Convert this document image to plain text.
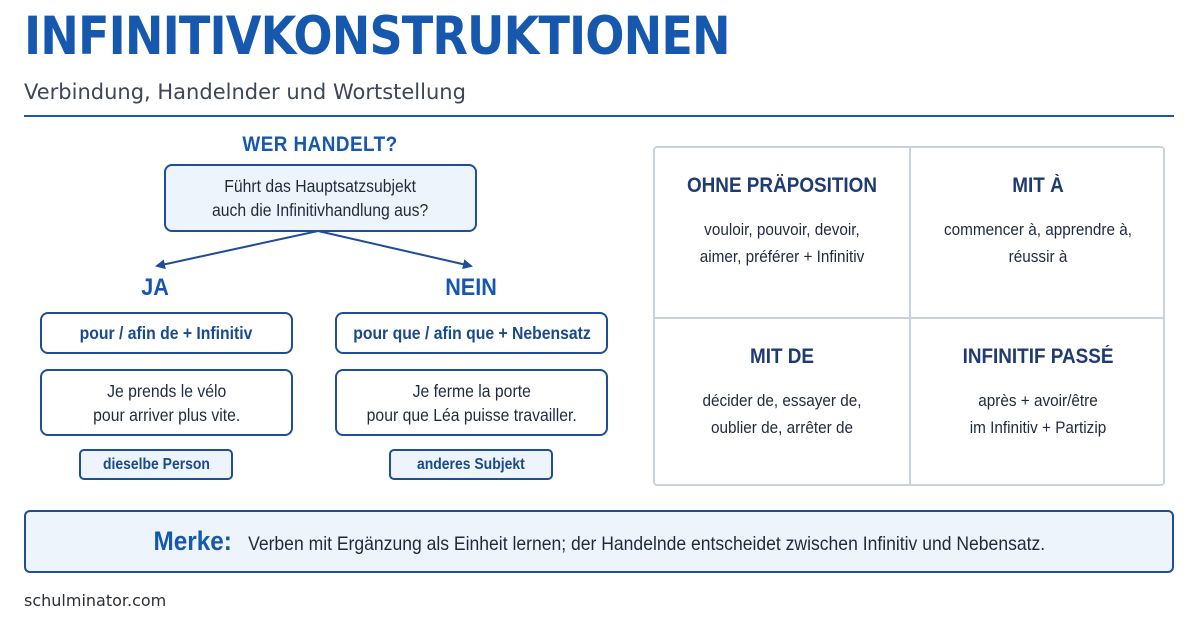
INFINITIVKONSTRUKTIONEN

Verbindung, Handelnder und Wortstellung

WER HANDELT?
Führt das Hauptsatzsubjekt
auch die Infinitivhandlung aus?
JA	NEIN
pour / afin de + Infinitiv	pour que / afin que + Nebensatz
Je prends le vélo
pour arriver plus vite.
Je ferme la porte
pour que Léa puisse travailler.
dieselbe Person	anderes Subjekt
OHNE PRÄPOSITION
vouloir, pouvoir, devoir,
aimer, préférer + Infinitiv
MIT À
commencer à, apprendre à,
réussir à
MIT DE
décider de, essayer de,
oublier de, arrêter de
INFINITIF PASSÉ
après + avoir/être
im Infinitiv + Partizip
Merke: Verben mit Ergänzung als Einheit lernen; der Handelnde entscheidet zwischen Infinitiv und Nebensatz.
schulminator.com
